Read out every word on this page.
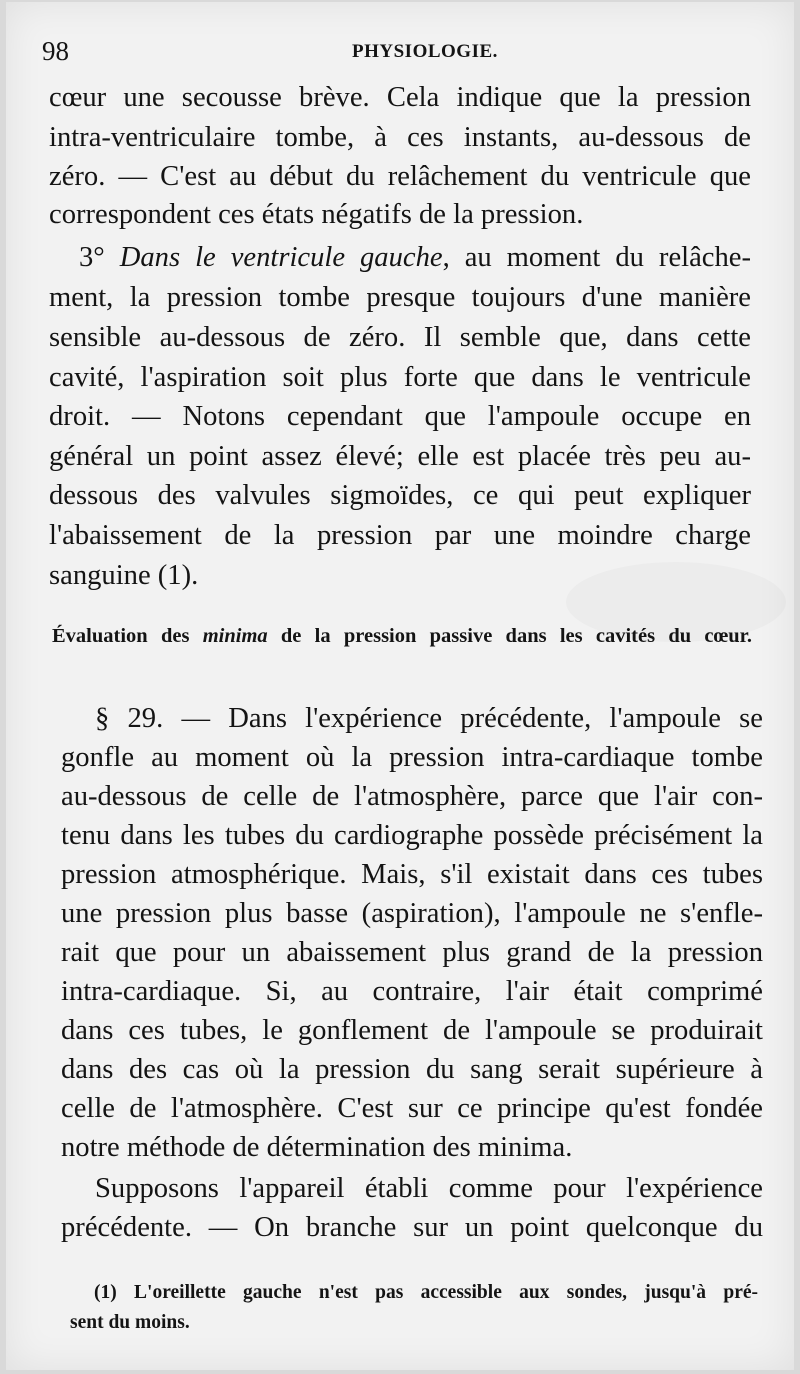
98	PHYSIOLOGIE.
cœur une secousse brève. Cela indique que la pression
intra-ventriculaire tombe, à ces instants, au-dessous de
zéro. — C'est au début du relâchement du ventricule que
correspondent ces états négatifs de la pression.
3° Dans le ventricule gauche, au moment du relâche-
ment, la pression tombe presque toujours d'une manière
sensible au-dessous de zéro. Il semble que, dans cette
cavité, l'aspiration soit plus forte que dans le ventricule
droit. — Notons cependant que l'ampoule occupe en
général un point assez élevé; elle est placée très peu au-
dessous des valvules sigmoïdes, ce qui peut expliquer
l'abaissement de la pression par une moindre charge
sanguine (1).
Évaluation des minima de la pression passive dans les cavités du cœur.
§ 29. — Dans l'expérience précédente, l'ampoule se
gonfle au moment où la pression intra-cardiaque tombe
au-dessous de celle de l'atmosphère, parce que l'air con-
tenu dans les tubes du cardiographe possède précisément la
pression atmosphérique. Mais, s'il existait dans ces tubes
une pression plus basse (aspiration), l'ampoule ne s'enfle-
rait que pour un abaissement plus grand de la pression
intra-cardiaque. Si, au contraire, l'air était comprimé
dans ces tubes, le gonflement de l'ampoule se produirait
dans des cas où la pression du sang serait supérieure à
celle de l'atmosphère. C'est sur ce principe qu'est fondée
notre méthode de détermination des minima.
Supposons l'appareil établi comme pour l'expérience
précédente. — On branche sur un point quelconque du
(1) L'oreillette gauche n'est pas accessible aux sondes, jusqu'à pré-
sent du moins.
